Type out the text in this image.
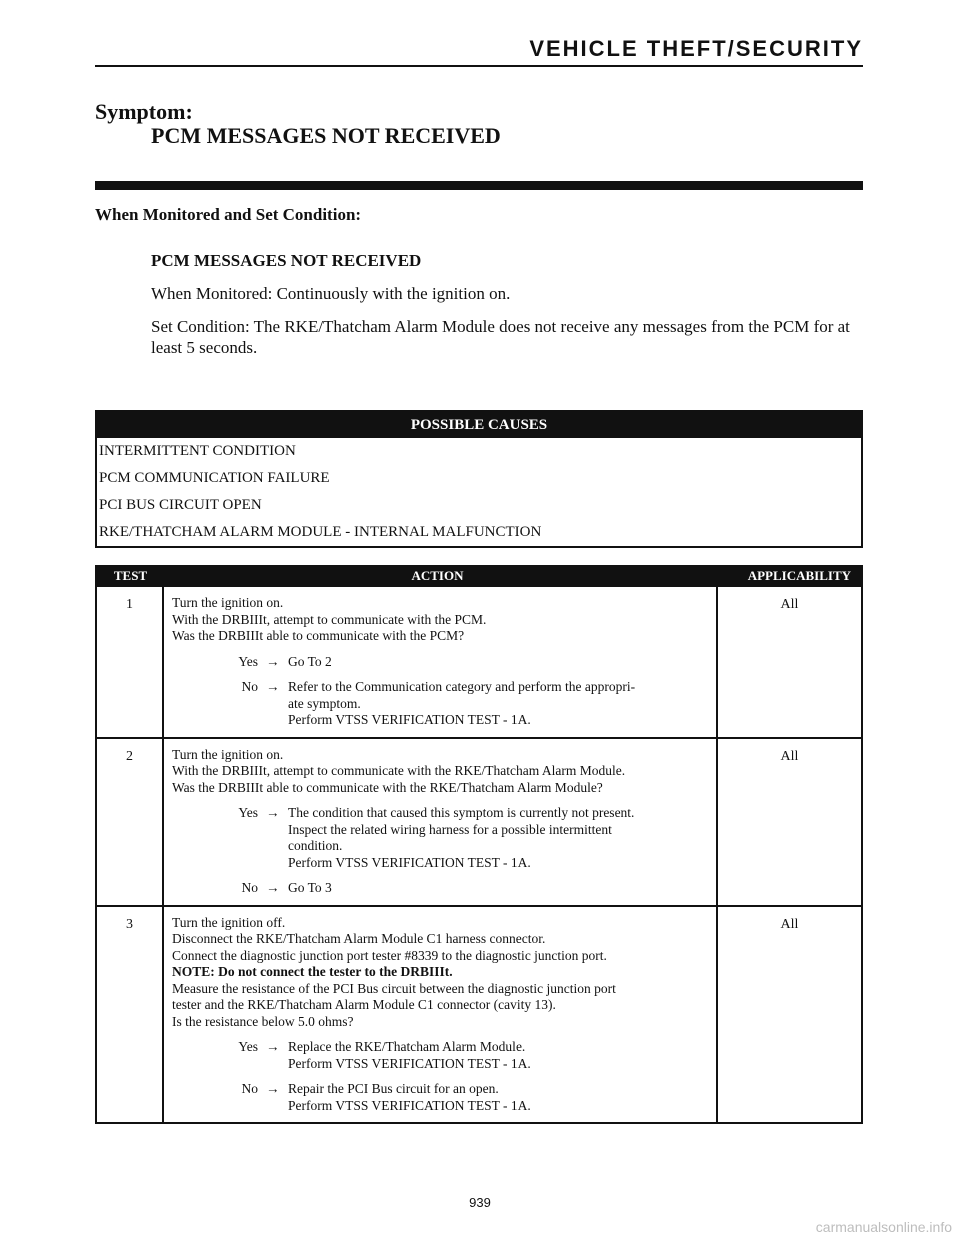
VEHICLE THEFT/SECURITY
Symptom:
PCM MESSAGES NOT RECEIVED
When Monitored and Set Condition:

PCM MESSAGES NOT RECEIVED

When Monitored: Continuously with the ignition on.

Set Condition: The RKE/Thatcham Alarm Module does not receive any messages from the PCM for at least 5 seconds.

POSSIBLE CAUSES
INTERMITTENT CONDITION
PCM COMMUNICATION FAILURE
PCI BUS CIRCUIT OPEN
RKE/THATCHAM ALARM MODULE - INTERNAL MALFUNCTION
TEST	ACTION	APPLICABILITY
1	Turn the ignition on.
With the DRBIIIt, attempt to communicate with the PCM.
Was the DRBIIIt able to communicate with the PCM?
Yes → Go To 2
No → Refer to the Communication category and perform the appropri-
ate symptom.
Perform VTSS VERIFICATION TEST - 1A.
All
2	Turn the ignition on.
With the DRBIIIt, attempt to communicate with the RKE/Thatcham Alarm Module.
Was the DRBIIIt able to communicate with the RKE/Thatcham Alarm Module?
Yes → The condition that caused this symptom is currently not present.
Inspect the related wiring harness for a possible intermittent
condition.
Perform VTSS VERIFICATION TEST - 1A.
No → Go To 3
All
3	Turn the ignition off.
Disconnect the RKE/Thatcham Alarm Module C1 harness connector.
Connect the diagnostic junction port tester #8339 to the diagnostic junction port.
NOTE: Do not connect the tester to the DRBIIIt.
Measure the resistance of the PCI Bus circuit between the diagnostic junction port
tester and the RKE/Thatcham Alarm Module C1 connector (cavity 13).
Is the resistance below 5.0 ohms?
Yes → Replace the RKE/Thatcham Alarm Module.
Perform VTSS VERIFICATION TEST - 1A.
No → Repair the PCI Bus circuit for an open.
Perform VTSS VERIFICATION TEST - 1A.
All
939
carmanualsonline.info
